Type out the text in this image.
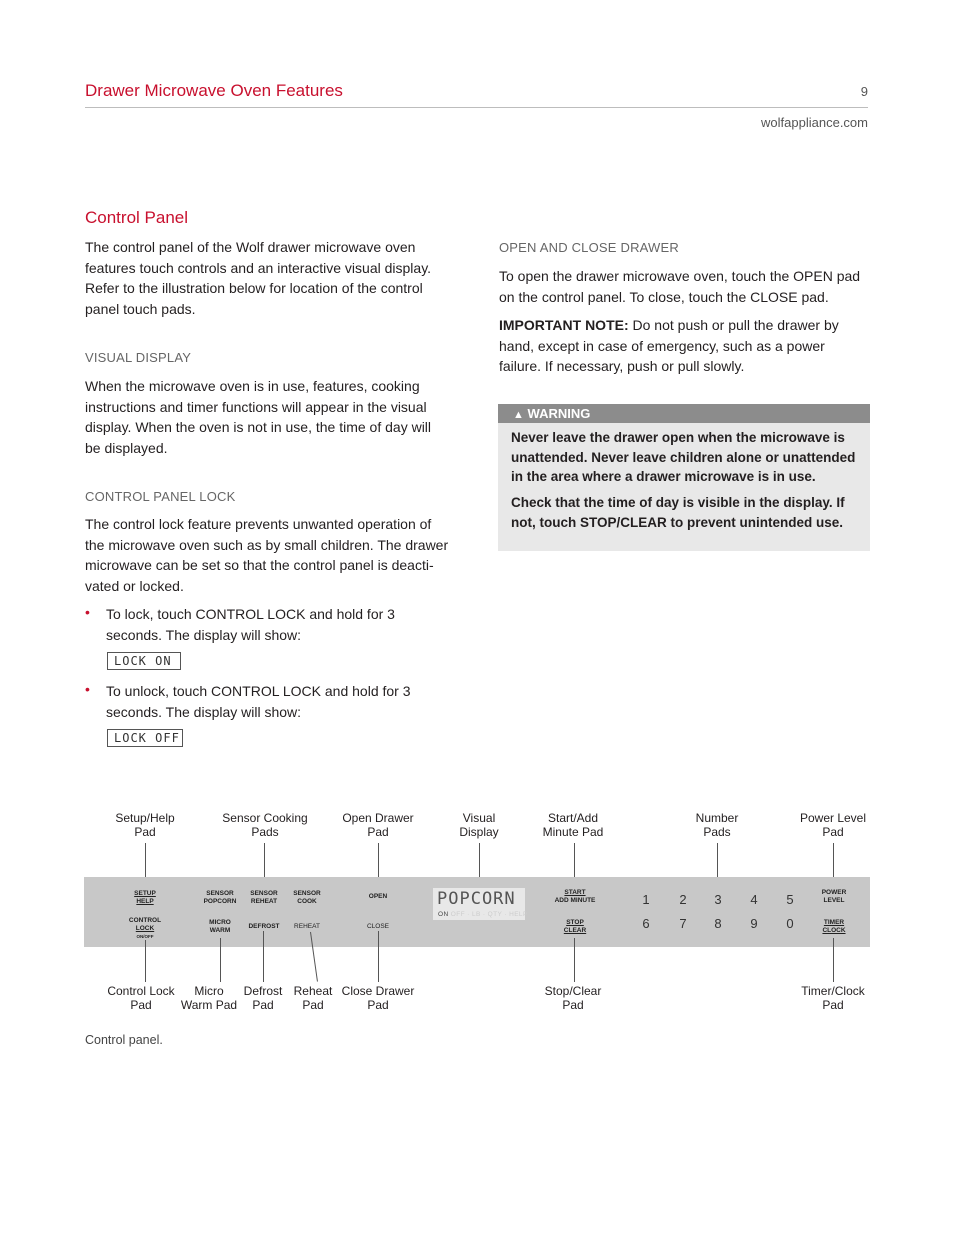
Drawer Microwave Oven Features	9
wolfappliance.com
Control Panel

The control panel of the Wolf drawer microwave oven
features touch controls and an interactive visual display.
Refer to the illustration below for location of the control
panel touch pads.

VISUAL DISPLAY

When the microwave oven is in use, features, cooking
instructions and timer functions will appear in the visual
display. When the oven is not in use, the time of day will
be displayed.

CONTROL PANEL LOCK

The control lock feature prevents unwanted operation of
the microwave oven such as by small children. The drawer
microwave can be set so that the control panel is deacti-
vated or locked.

• To lock, touch CONTROL LOCK and hold for 3
seconds. The display will show:
LOCK ON
• To unlock, touch CONTROL LOCK and hold for 3
seconds. The display will show:
LOCK OFF
OPEN AND CLOSE DRAWER

To open the drawer microwave oven, touch the OPEN pad
on the control panel. To close, touch the CLOSE pad.

IMPORTANT NOTE: Do not push or pull the drawer by
hand, except in case of emergency, such as a power
failure. If necessary, push or pull slowly.

▲ WARNING

Never leave the drawer open when the microwave is
unattended. Never leave children alone or unattended
in the area where a drawer microwave is in use.

Check that the time of day is visible in the display. If
not, touch STOP/CLEAR to prevent unintended use.

Setup/Help
Pad
Sensor Cooking
Pads
Open Drawer
Pad
Visual
Display
Start/Add
Minute Pad
Number
Pads
Power Level
Pad
SETUP
HELP
CONTROL
LOCK
ON/OFF
SENSOR
POPCORN
SENSOR
REHEAT
SENSOR
COOK
MICRO
WARM
DEFROST	REHEAT
OPEN
CLOSE
POPCORN
ON OFF · LB · QTY · HELP
START
ADD MINUTE
STOP
CLEAR
1 2 3 4 5
6 7 8 9 0
POWER
LEVEL
TIMER
CLOCK
Control Lock
Pad
Micro
Warm Pad
Defrost
Pad
Reheat
Pad
Close Drawer
Pad
Stop/Clear
Pad
Timer/Clock
Pad
Control panel.
